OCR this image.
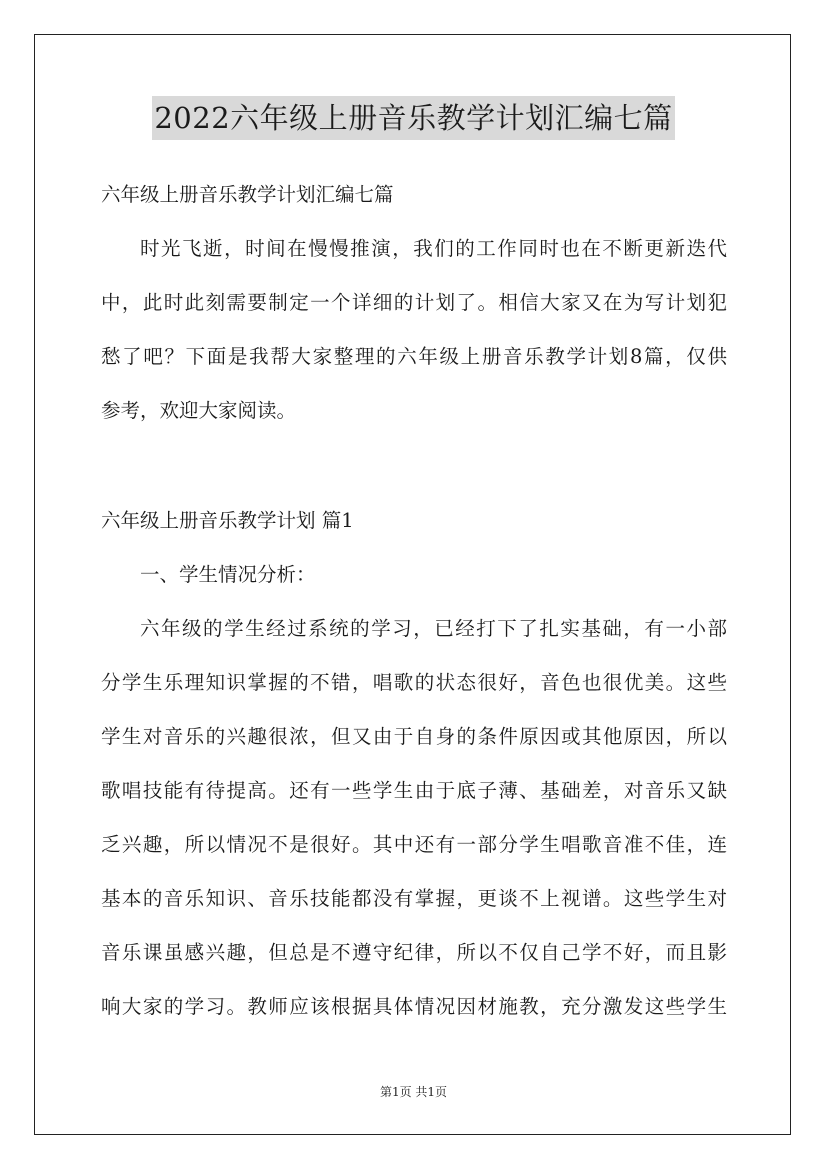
2022六年级上册音乐教学计划汇编七篇
六年级上册音乐教学计划汇编七篇
时光飞逝，时间在慢慢推演，我们的工作同时也在不断更新迭代
中，此时此刻需要制定一个详细的计划了。相信大家又在为写计划犯
愁了吧？下面是我帮大家整理的六年级上册音乐教学计划8篇，仅供
参考，欢迎大家阅读。
六年级上册音乐教学计划 篇1
一、学生情况分析：
六年级的学生经过系统的学习，已经打下了扎实基础，有一小部
分学生乐理知识掌握的不错，唱歌的状态很好，音色也很优美。这些
学生对音乐的兴趣很浓，但又由于自身的条件原因或其他原因，所以
歌唱技能有待提高。还有一些学生由于底子薄、基础差，对音乐又缺
乏兴趣，所以情况不是很好。其中还有一部分学生唱歌音准不佳，连
基本的音乐知识、音乐技能都没有掌握，更谈不上视谱。这些学生对
音乐课虽感兴趣，但总是不遵守纪律，所以不仅自己学不好，而且影
响大家的学习。教师应该根据具体情况因材施教，充分激发这些学生
第1页 共1页
